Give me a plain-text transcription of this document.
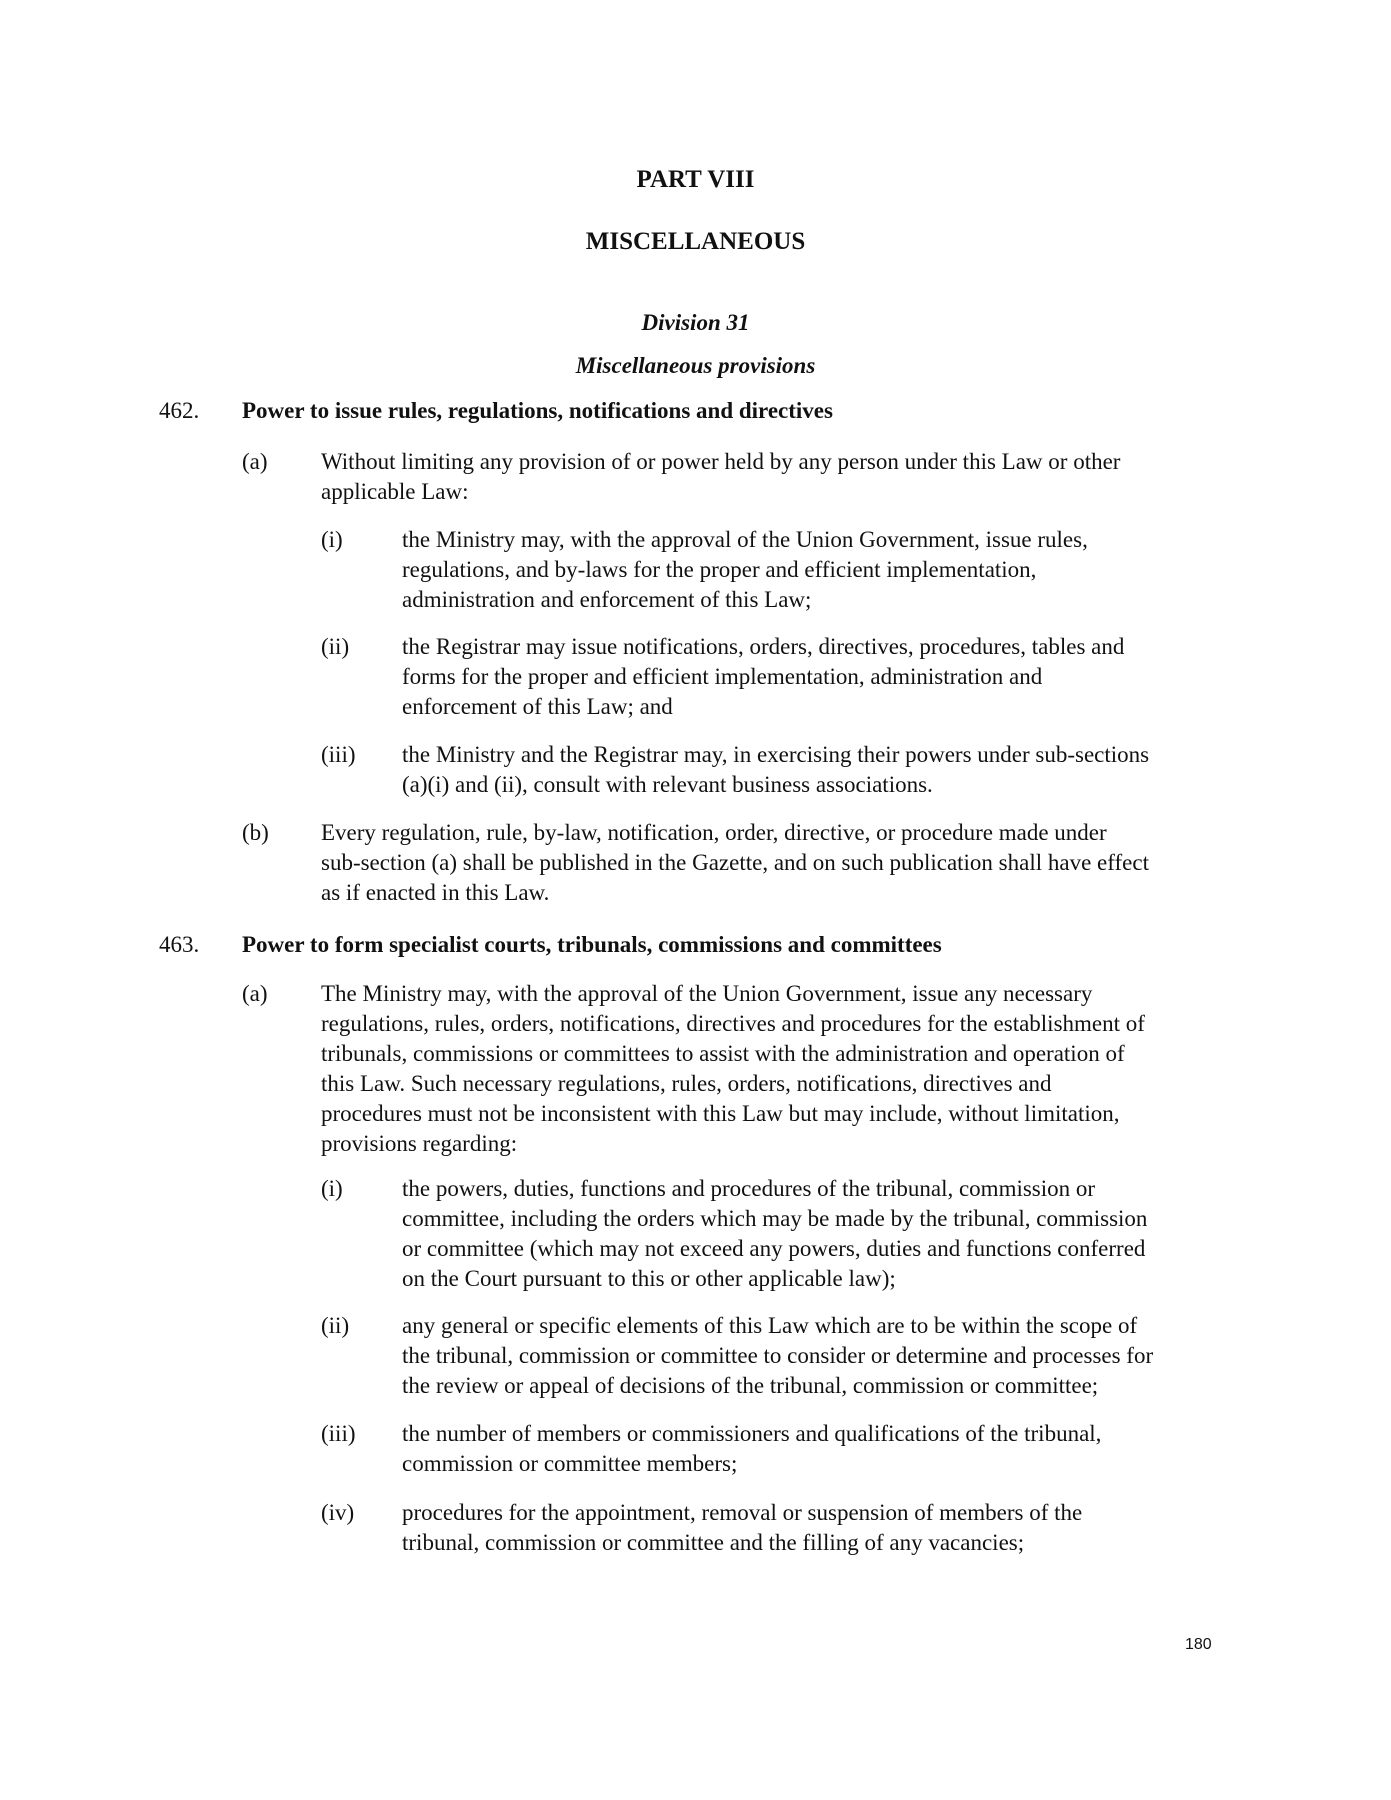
PART VIII
MISCELLANEOUS
Division 31
Miscellaneous provisions
462. Power to issue rules, regulations, notifications and directives
(a) Without limiting any provision of or power held by any person under this Law or other
applicable Law:
(i)	the Ministry may, with the approval of the Union Government, issue rules,
regulations, and by-laws for the proper and efficient implementation,
administration and enforcement of this Law;
(ii) the Registrar may issue notifications, orders, directives, procedures, tables and
forms for the proper and efficient implementation, administration and
enforcement of this Law; and
(iii) the Ministry and the Registrar may, in exercising their powers under sub-sections
(a)(i) and (ii), consult with relevant business associations.
(b) Every regulation, rule, by-law, notification, order, directive, or procedure made under
sub-section (a) shall be published in the Gazette, and on such publication shall have effect
as if enacted in this Law.
463. Power to form specialist courts, tribunals, commissions and committees
(a) The Ministry may, with the approval of the Union Government, issue any necessary
regulations, rules, orders, notifications, directives and procedures for the establishment of
tribunals, commissions or committees to assist with the administration and operation of
this Law. Such necessary regulations, rules, orders, notifications, directives and
procedures must not be inconsistent with this Law but may include, without limitation,
provisions regarding:
(i)	the powers, duties, functions and procedures of the tribunal, commission or
committee, including the orders which may be made by the tribunal, commission
or committee (which may not exceed any powers, duties and functions conferred
on the Court pursuant to this or other applicable law);
(ii) any general or specific elements of this Law which are to be within the scope of
the tribunal, commission or committee to consider or determine and processes for
the review or appeal of decisions of the tribunal, commission or committee;
(iii) the number of members or commissioners and qualifications of the tribunal,
commission or committee members;
(iv) procedures for the appointment, removal or suspension of members of the
tribunal, commission or committee and the filling of any vacancies;
180
